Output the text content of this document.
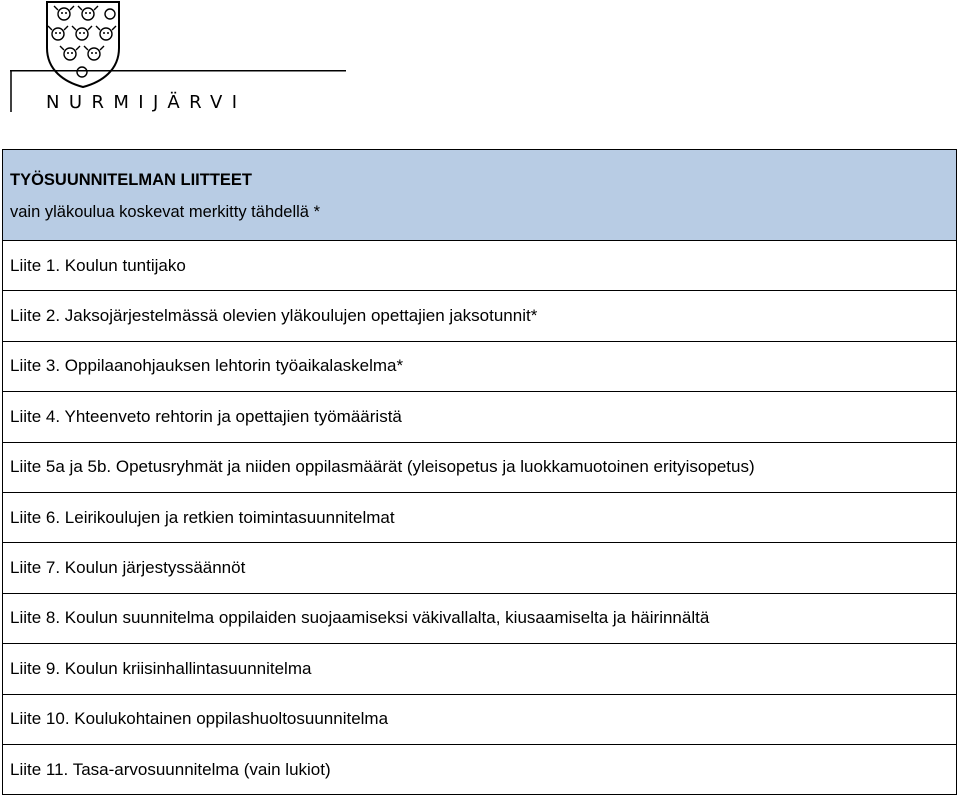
NURMIJÄRVI
TYÖSUUNNITELMAN LIITTEET
vain yläkoulua koskevat merkitty tähdellä *

Liite 1. Koulun tuntijako
Liite 2. Jaksojärjestelmässä olevien yläkoulujen opettajien jaksotunnit*
Liite 3. Oppilaanohjauksen lehtorin työaikalaskelma*
Liite 4. Yhteenveto rehtorin ja opettajien työmääristä
Liite 5a ja 5b. Opetusryhmät ja niiden oppilasmäärät (yleisopetus ja luokkamuotoinen erityisopetus)
Liite 6. Leirikoulujen ja retkien toimintasuunnitelmat
Liite 7. Koulun järjestyssäännöt
Liite 8. Koulun suunnitelma oppilaiden suojaamiseksi väkivallalta, kiusaamiselta ja häirinnältä
Liite 9. Koulun kriisinhallintasuunnitelma
Liite 10. Koulukohtainen oppilashuoltosuunnitelma
Liite 11. Tasa-arvosuunnitelma (vain lukiot)
